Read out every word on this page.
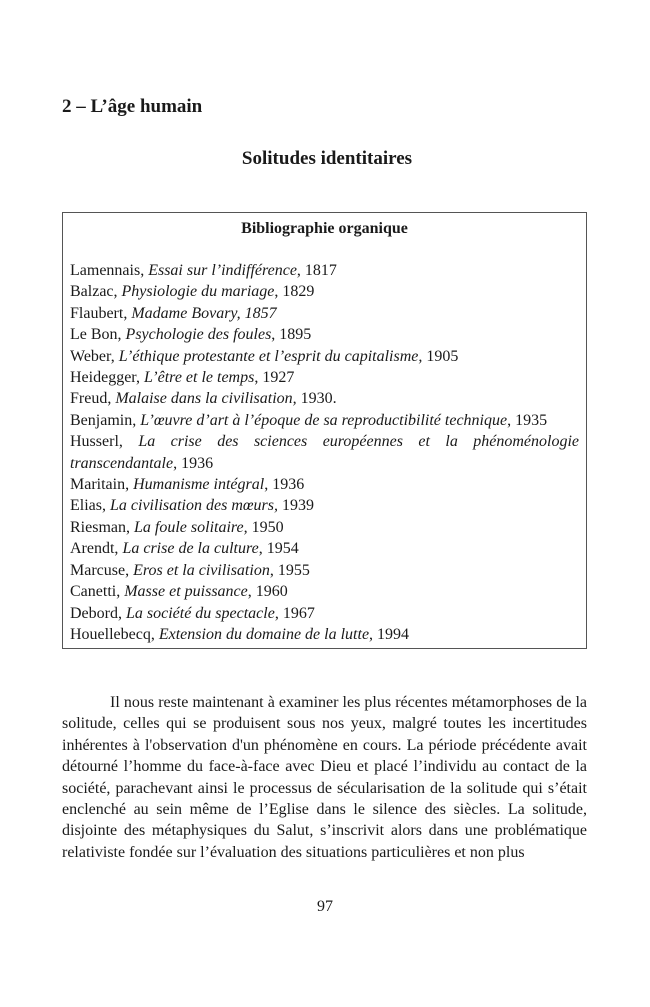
2 – L’âge humain
Solitudes identitaires
Bibliographie organique
Lamennais, Essai sur l’indifférence, 1817
Balzac, Physiologie du mariage, 1829
Flaubert, Madame Bovary, 1857
Le Bon, Psychologie des foules, 1895
Weber, L’éthique protestante et l’esprit du capitalisme, 1905
Heidegger, L’être et le temps, 1927
Freud, Malaise dans la civilisation, 1930.
Benjamin, L’œuvre d’art à l’époque de sa reproductibilité technique, 1935
Husserl, La crise des sciences européennes et la phénoménologie transcendantale, 1936
Maritain, Humanisme intégral, 1936
Elias, La civilisation des mœurs, 1939
Riesman, La foule solitaire, 1950
Arendt, La crise de la culture, 1954
Marcuse, Eros et la civilisation, 1955
Canetti, Masse et puissance, 1960
Debord, La société du spectacle, 1967
Houellebecq, Extension du domaine de la lutte, 1994

Il nous reste maintenant à examiner les plus récentes métamorphoses de la solitude, celles qui se produisent sous nos yeux, malgré toutes les incertitudes inhérentes à l'observation d'un phénomène en cours. La période précédente avait détourné l’homme du face-à-face avec Dieu et placé l’individu au contact de la société, parachevant ainsi le processus de sécularisation de la solitude qui s’était enclenché au sein même de l’Eglise dans le silence des siècles. La solitude, disjointe des métaphysiques du Salut, s’inscrivit alors dans une problématique relativiste fondée sur l’évaluation des situations particulières et non plus

97
